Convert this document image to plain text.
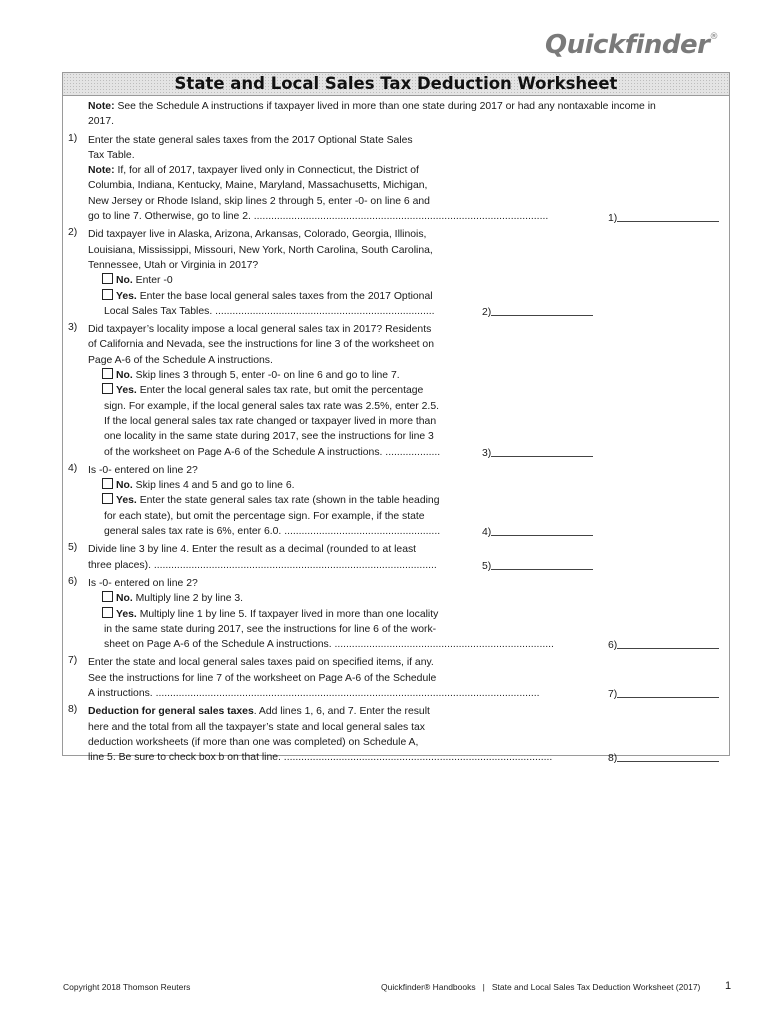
Quickfinder®
State and Local Sales Tax Deduction Worksheet
Note: See the Schedule A instructions if taxpayer lived in more than one state during 2017 or had any nontaxable income in
2017.
1) Enter the state general sales taxes from the 2017 Optional State Sales
Tax Table.
Note: If, for all of 2017, taxpayer lived only in Connecticut, the District of
Columbia, Indiana, Kentucky, Maine, Maryland, Massachusetts, Michigan,
New Jersey or Rhode Island, skip lines 2 through 5, enter -0- on line 6 and
go to line 7. Otherwise, go to line 2. ......................................................................................................	1)
2) Did taxpayer live in Alaska, Arizona, Arkansas, Colorado, Georgia, Illinois,
Louisiana, Mississippi, Missouri, New York, North Carolina, South Carolina,
Tennessee, Utah or Virginia in 2017?
No. Enter -0
Yes. Enter the base local general sales taxes from the 2017 Optional
Local Sales Tax Tables. ............................................................................	2)
3) Did taxpayer’s locality impose a local general sales tax in 2017? Residents
of California and Nevada, see the instructions for line 3 of the worksheet on
Page A-6 of the Schedule A instructions.
No. Skip lines 3 through 5, enter -0- on line 6 and go to line 7.
Yes. Enter the local general sales tax rate, but omit the percentage
sign. For example, if the local general sales tax rate was 2.5%, enter 2.5.
If the local general sales tax rate changed or taxpayer lived in more than
one locality in the same state during 2017, see the instructions for line 3
of the worksheet on Page A-6 of the Schedule A instructions. ...................	3)
4) Is -0- entered on line 2?
No. Skip lines 4 and 5 and go to line 6.
Yes. Enter the state general sales tax rate (shown in the table heading
for each state), but omit the percentage sign. For example, if the state
general sales tax rate is 6%, enter 6.0. ......................................................	4)
5) Divide line 3 by line 4. Enter the result as a decimal (rounded to at least
three places). ..................................................................................................	5)
6) Is -0- entered on line 2?
No. Multiply line 2 by line 3.
Yes. Multiply line 1 by line 5. If taxpayer lived in more than one locality
in the same state during 2017, see the instructions for line 6 of the work-
sheet on Page A-6 of the Schedule A instructions. ............................................................................	6)
7) Enter the state and local general sales taxes paid on specified items, if any.
See the instructions for line 7 of the worksheet on Page A-6 of the Schedule
A instructions. .....................................................................................................................................	7)
8) Deduction for general sales taxes. Add lines 1, 6, and 7. Enter the result
here and the total from all the taxpayer’s state and local general sales tax
deduction worksheets (if more than one was completed) on Schedule A,
line 5. Be sure to check box b on that line. .............................................................................................	8)
Copyright 2018 Thomson Reuters	Quickfinder® Handbooks | State and Local Sales Tax Deduction Worksheet (2017) 1
